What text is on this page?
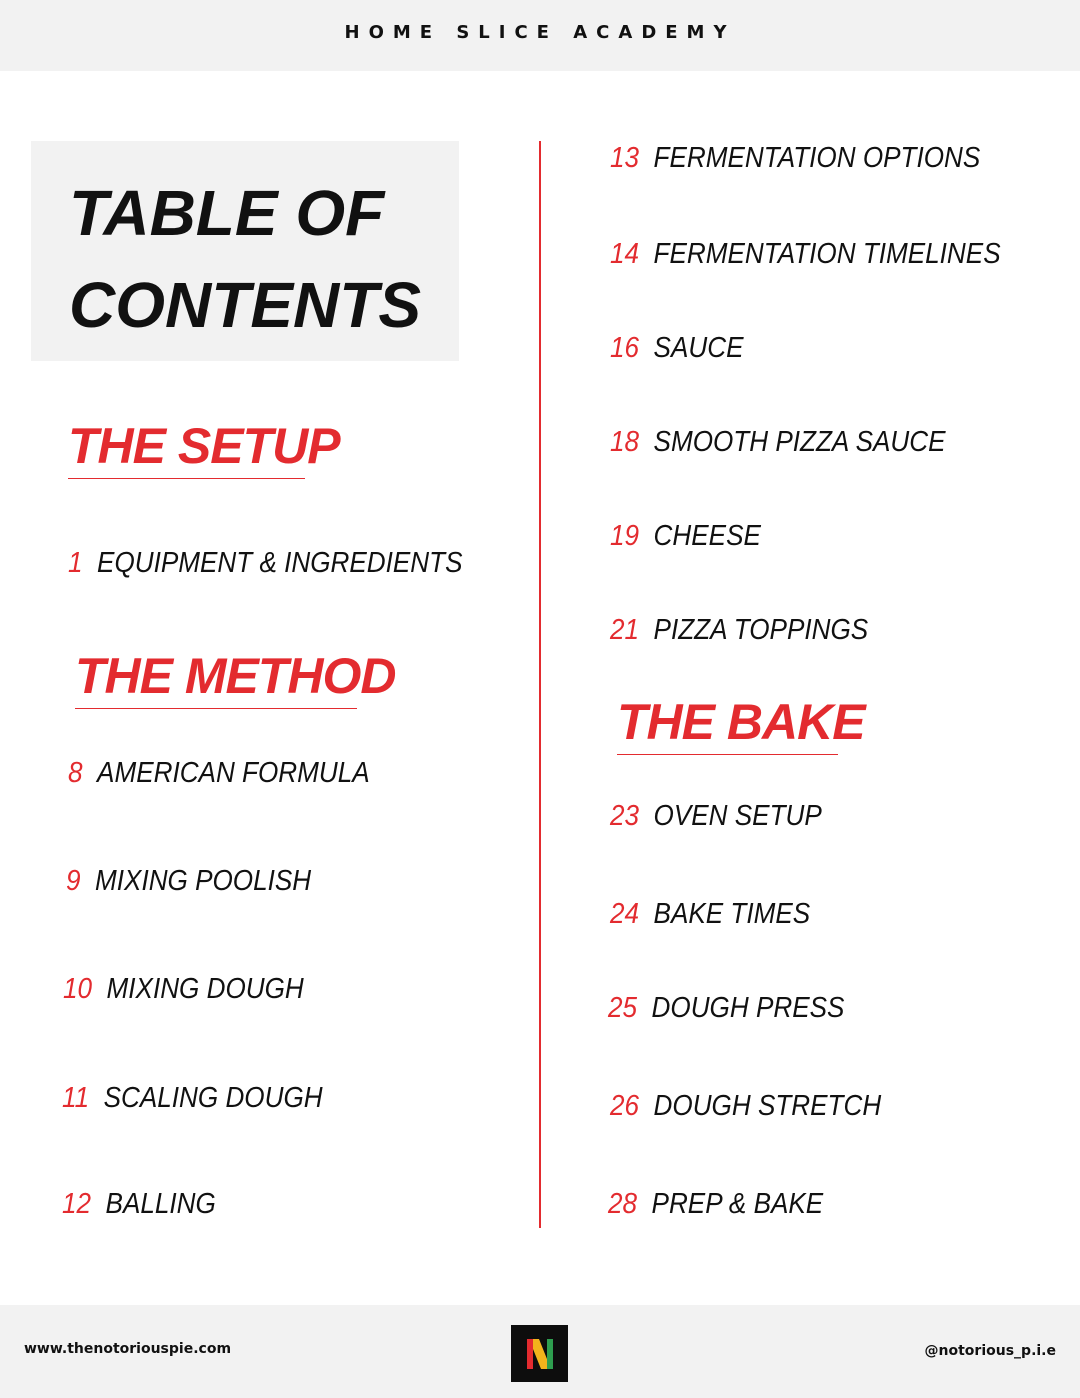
HOME SLICE ACADEMY
TABLE OF
CONTENTS
THE SETUP
1 EQUIPMENT & INGREDIENTS
THE METHOD
8 AMERICAN FORMULA
9 MIXING POOLISH
10 MIXING DOUGH
11 SCALING DOUGH
12 BALLING
13 FERMENTATION OPTIONS
14 FERMENTATION TIMELINES
16 SAUCE
18 SMOOTH PIZZA SAUCE
19 CHEESE
21 PIZZA TOPPINGS
THE BAKE
23 OVEN SETUP
24 BAKE TIMES
25 DOUGH PRESS
26 DOUGH STRETCH
28 PREP & BAKE
www.thenotoriouspie.com	@notorious_p.i.e
